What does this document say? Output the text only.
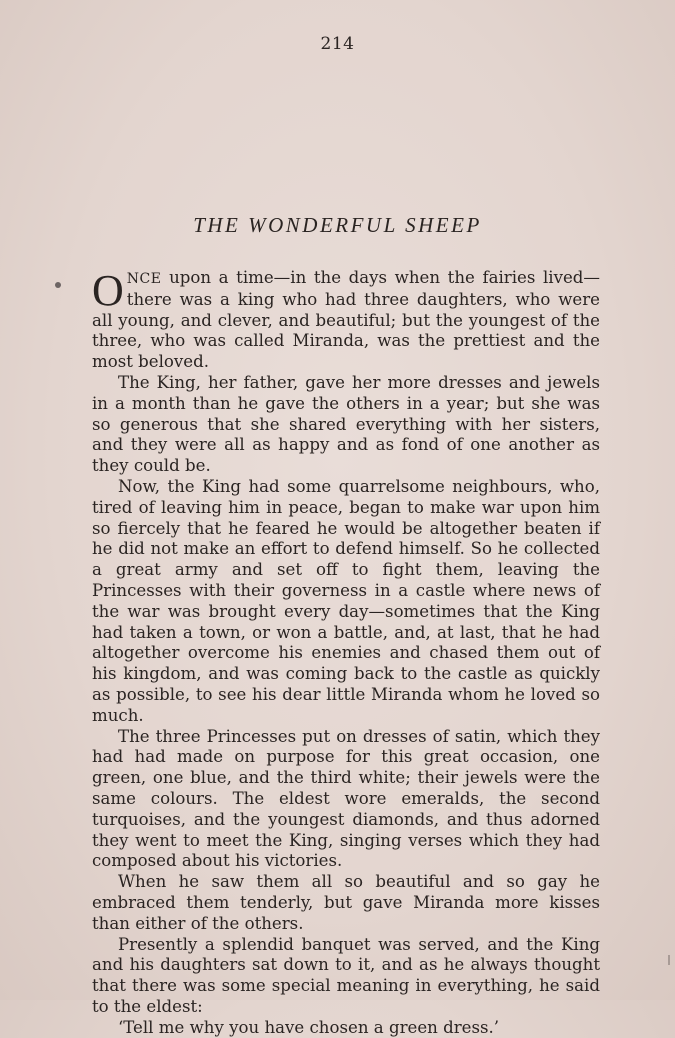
214
THE WONDERFUL SHEEP

ONCE upon a time—in the days when the fairies lived—there was a king who had three daughters, who were all young, and clever, and beautiful; but the youngest of the three, who was called Miranda, was the prettiest and the most beloved.

The King, her father, gave her more dresses and jewels in a month than he gave the others in a year; but she was so generous that she shared everything with her sisters, and they were all as happy and as fond of one another as they could be.

Now, the King had some quarrelsome neighbours, who, tired of leaving him in peace, began to make war upon him so fiercely that he feared he would be altogether beaten if he did not make an effort to defend himself. So he collected a great army and set off to fight them, leaving the Princesses with their governess in a castle where news of the war was brought every day—sometimes that the King had taken a town, or won a battle, and, at last, that he had altogether overcome his enemies and chased them out of his kingdom, and was coming back to the castle as quickly as possible, to see his dear little Miranda whom he loved so much.

The three Princesses put on dresses of satin, which they had had made on purpose for this great occasion, one green, one blue, and the third white; their jewels were the same colours. The eldest wore emeralds, the second turquoises, and the youngest diamonds, and thus adorned they went to meet the King, singing verses which they had composed about his victories.

When he saw them all so beautiful and so gay he embraced them tenderly, but gave Miranda more kisses than either of the others.

Presently a splendid banquet was served, and the King and his daughters sat down to it, and as he always thought that there was some special meaning in everything, he said to the eldest:

‘Tell me why you have chosen a green dress.’
